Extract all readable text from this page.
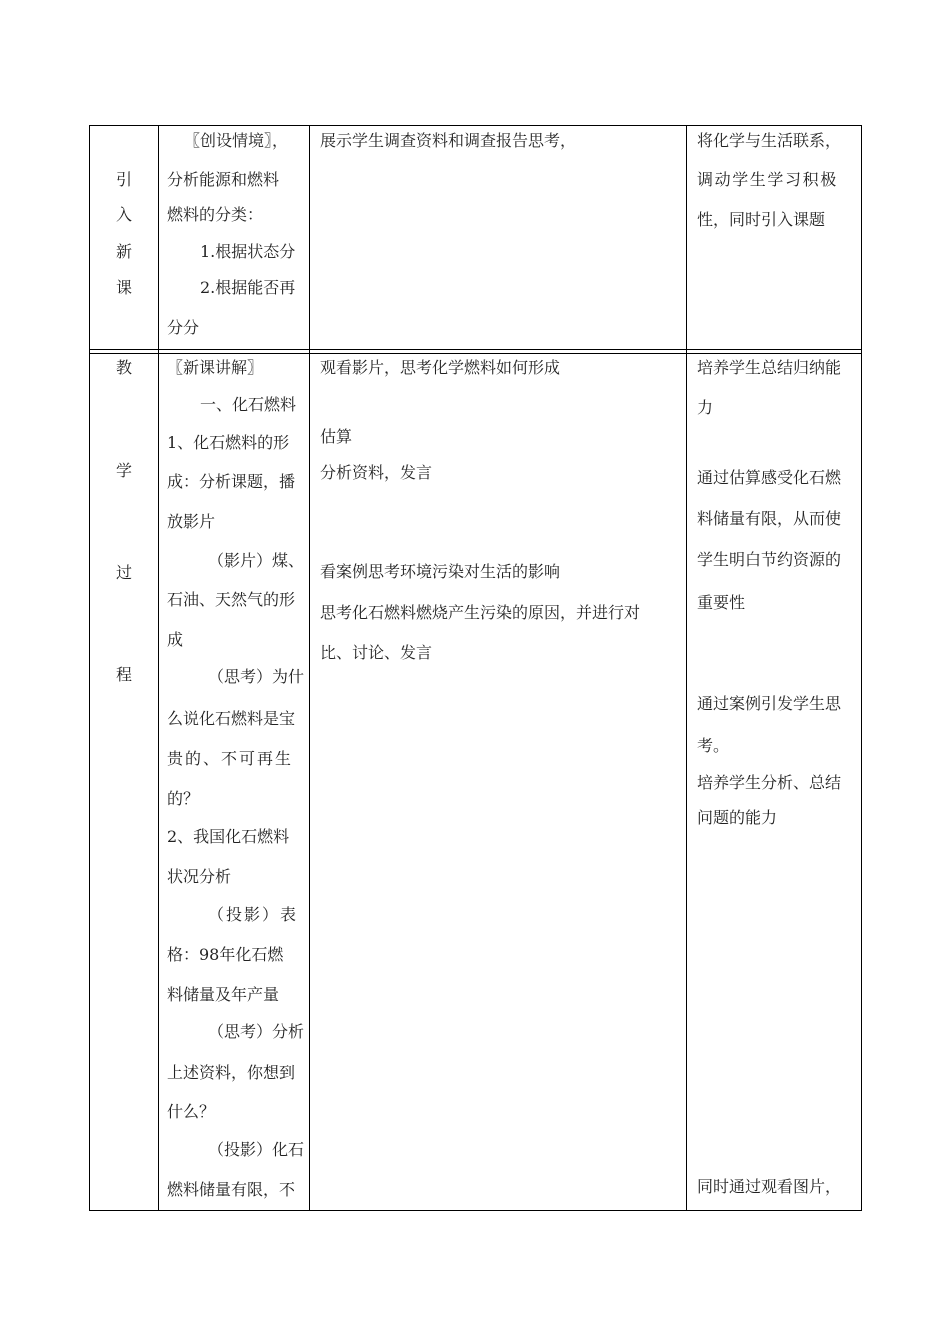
引
入
新
课
〖创设情境〗，
分析能源和燃料
燃料的分类：
1.根据状态分
2.根据能否再
分分
展示学生调查资料和调查报告思考，	将化学与生活联系，
调动学生学习积极
性，同时引入课题
教
学
过
程
〖新课讲解〗
一、化石燃料
1、化石燃料的形
成：分析课题，播
放影片
（影片）煤、
石油、天然气的形
成
（思考）为什
么说化石燃料是宝
贵的、不可再生
的？
2、我国化石燃料
状况分析
（投影）表
格：98年化石燃
料储量及年产量
（思考）分析
上述资料，你想到
什么？
（投影）化石
燃料储量有限，不
观看影片，思考化学燃料如何形成
估算
分析资料，发言
看案例思考环境污染对生活的影响
思考化石燃料燃烧产生污染的原因，并进行对
比、讨论、发言
培养学生总结归纳能
力
通过估算感受化石燃
料储量有限，从而使
学生明白节约资源的
重要性
通过案例引发学生思
考。
培养学生分析、总结
问题的能力
同时通过观看图片，
